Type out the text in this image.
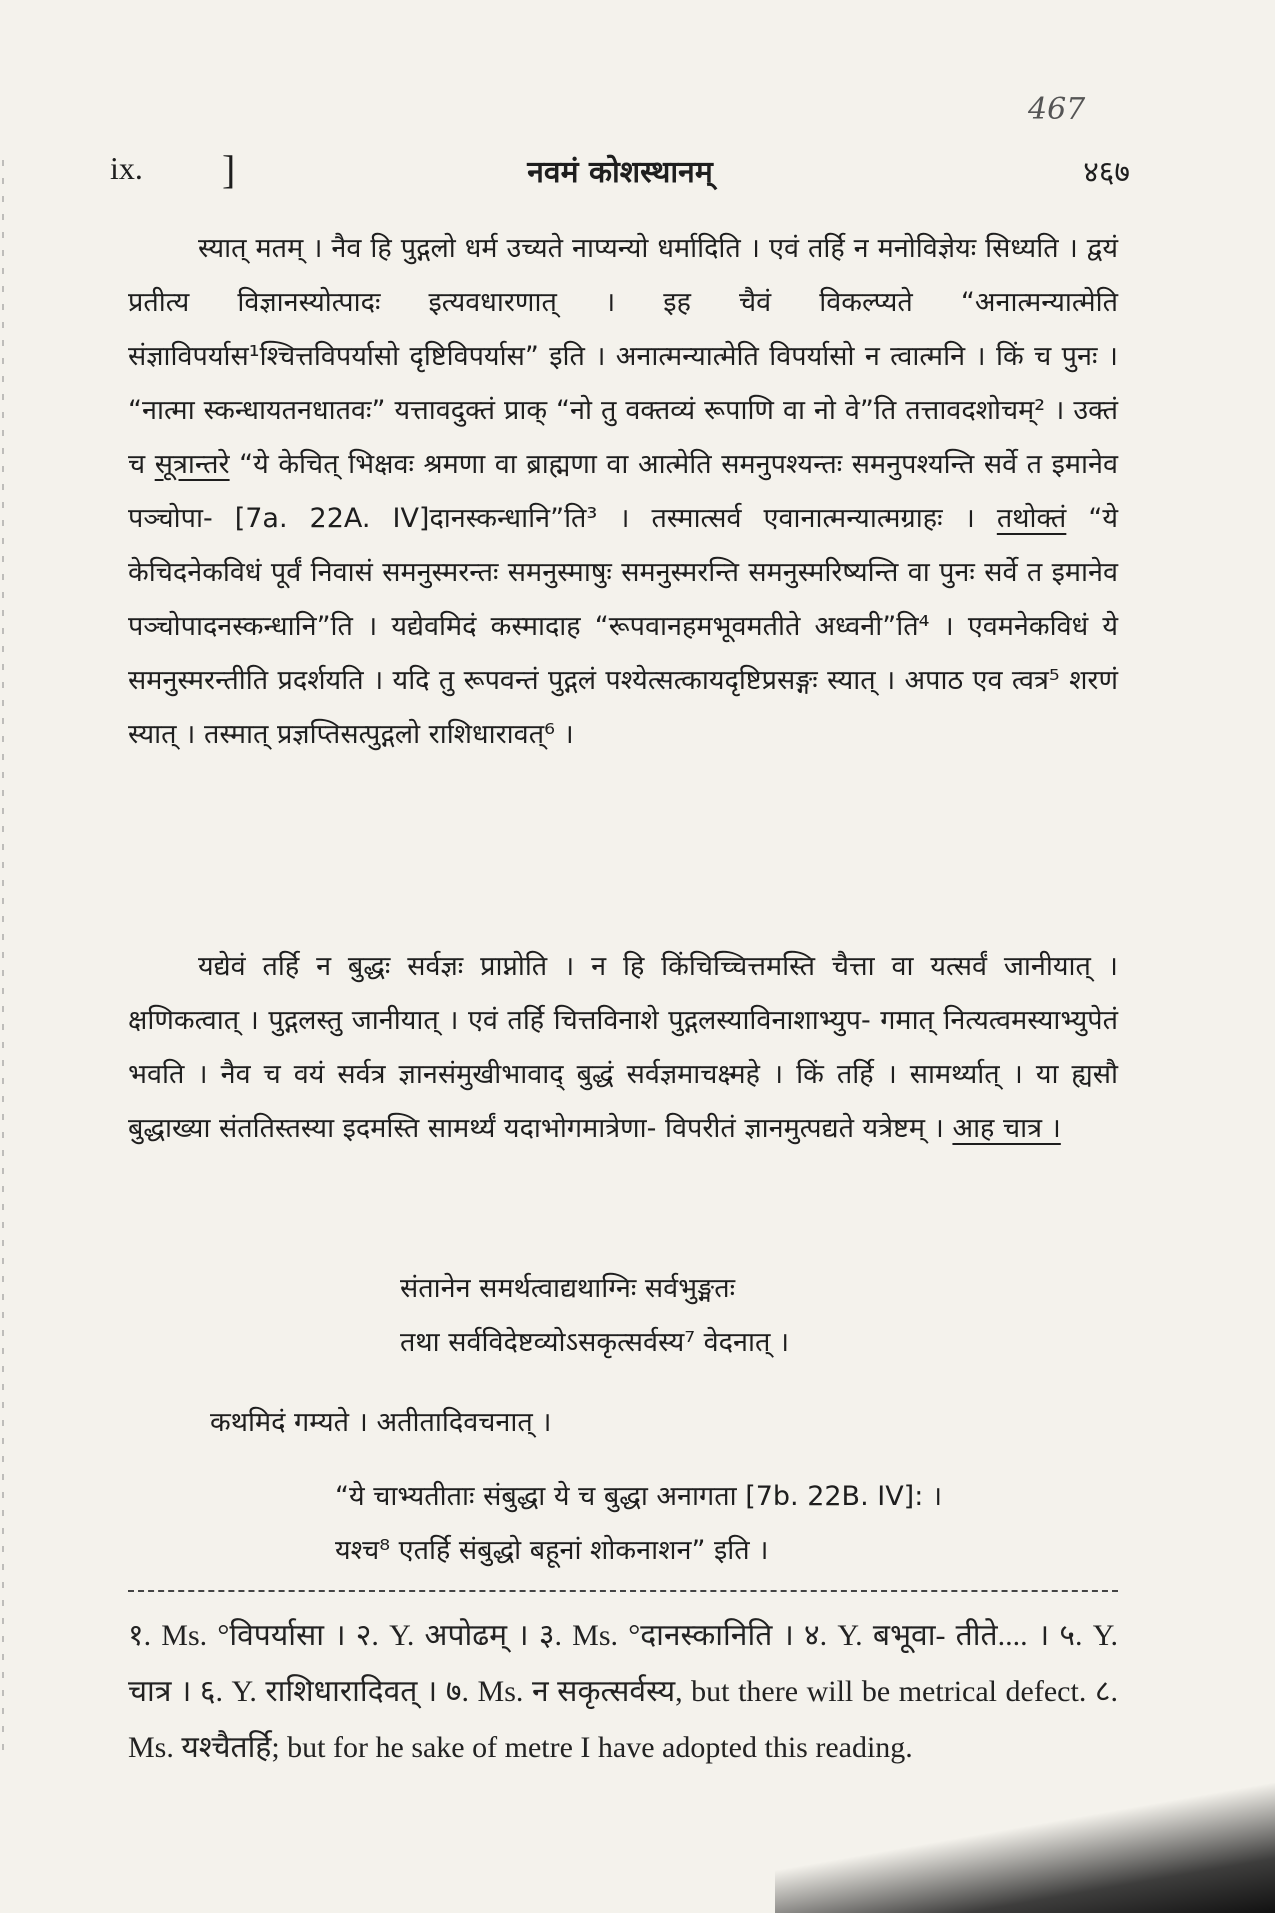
467
ix. ]	नवमं कोशस्थानम्	४६७

स्यात् मतम् । नैव हि पुद्गलो धर्म उच्यते नाप्यन्यो धर्मादिति । एवं तर्हि न मनोविज्ञेयः सिध्यति । द्वयं प्रतीत्य विज्ञानस्योत्पादः इत्यवधारणात् । इह चैवं विकल्प्यते “अनात्मन्यात्मेति संज्ञाविपर्यास¹श्चित्तविपर्यासो दृष्टिविपर्यास” इति । अनात्मन्यात्मेति विपर्यासो न त्वात्मनि । किं च पुनः । “नात्मा स्कन्धायतनधातवः” यत्तावदुक्तं प्राक् “नो तु वक्तव्यं रूपाणि वा नो वे”ति तत्तावदशोचम्² । उक्तं च सूत्रान्तरे “ये केचित् भिक्षवः श्रमणा वा ब्राह्मणा वा आत्मेति समनुपश्यन्तः समनुपश्यन्ति सर्वे त इमानेव पञ्चोपा- [7a. 22A. IV]दानस्कन्धानि”ति³ । तस्मात्सर्व एवानात्मन्यात्मग्राहः । तथोक्तं “ये केचिदनेकविधं पूर्वं निवासं समनुस्मरन्तः समनुस्माषुः समनुस्मरन्ति समनुस्मरिष्यन्ति वा पुनः सर्वे त इमानेव पञ्चोपादनस्कन्धानि”ति । यद्येवमिदं कस्मादाह “रूपवानहमभूवमतीते अध्वनी”ति⁴ । एवमनेकविधं ये समनुस्मरन्तीति प्रदर्शयति । यदि तु रूपवन्तं पुद्गलं पश्येत्सत्कायदृष्टिप्रसङ्गः स्यात् । अपाठ एव त्वत्र⁵ शरणं स्यात् । तस्मात् प्रज्ञप्तिसत्पुद्गलो राशिधारावत्⁶ ।

यद्येवं तर्हि न बुद्धः सर्वज्ञः प्राप्नोति । न हि किंचिच्चित्तमस्ति चैत्ता वा यत्सर्वं जानीयात् । क्षणिकत्वात् । पुद्गलस्तु जानीयात् । एवं तर्हि चित्तविनाशे पुद्गलस्याविनाशाभ्युप- गमात् नित्यत्वमस्याभ्युपेतं भवति । नैव च वयं सर्वत्र ज्ञानसंमुखीभावाद् बुद्धं सर्वज्ञमाचक्ष्महे । किं तर्हि । सामर्थ्यात् । या ह्यसौ बुद्धाख्या संततिस्तस्या इदमस्ति सामर्थ्यं यदाभोगमात्रेणा- विपरीतं ज्ञानमुत्पद्यते यत्रेष्टम् । आह चात्र ।

संतानेन समर्थत्वाद्यथाग्निः सर्वभुङ्मतः
तथा सर्वविदेष्टव्योऽसकृत्सर्वस्य⁷ वेदनात् ।
कथमिदं गम्यते । अतीतादिवचनात् ।
“ये चाभ्यतीताः संबुद्धा ये च बुद्धा अनागता [7b. 22B. IV]: ।
यश्च⁸ एतर्हि संबुद्धो बहूनां शोकनाशन” इति ।

१. Ms. °विपर्यासा । २. Y. अपोढम् । ३. Ms. °दानस्कानिति । ४. Y. बभूवा- तीते.... । ५. Y. चात्र । ६. Y. राशिधारादिवत् । ७. Ms. न सकृत्सर्वस्य, but there will be metrical defect. ८. Ms. यश्चैतर्हि; but for he sake of metre I have adopted this reading.
